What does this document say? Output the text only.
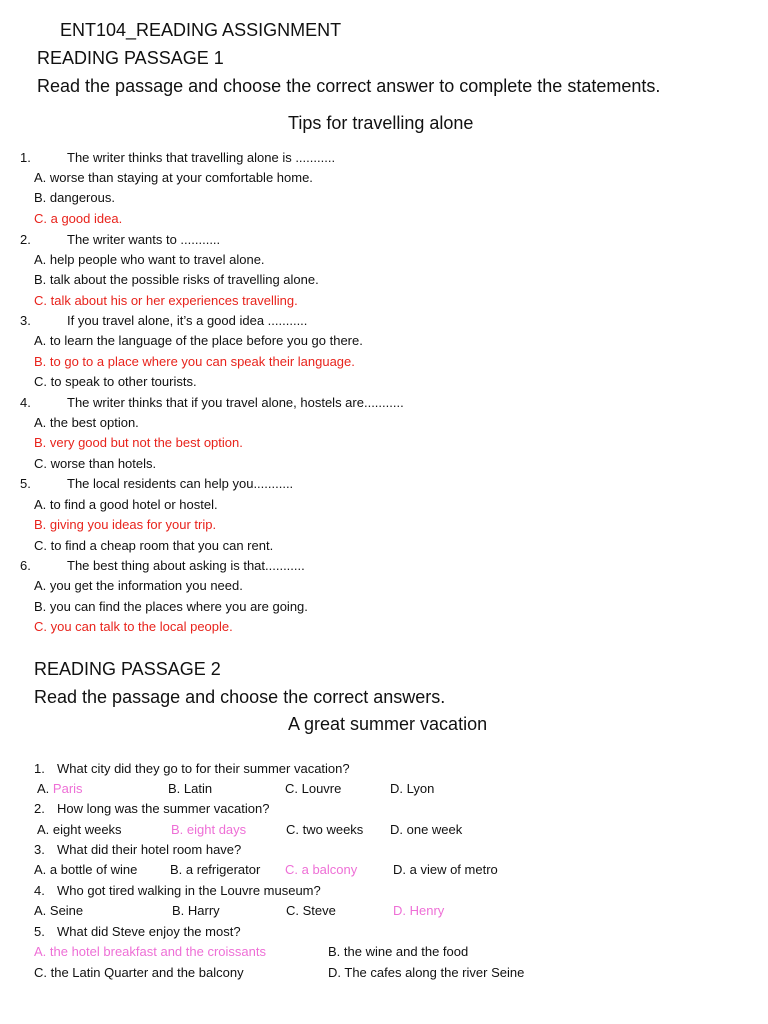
ENT104_READING ASSIGNMENT
READING PASSAGE 1
Read the passage and choose the correct answer to complete the statements.
Tips for travelling alone
1.	The writer thinks that travelling alone is ...........
A. worse than staying at your comfortable home.
B. dangerous.
C. a good idea.
2.	The writer wants to ...........
A. help people who want to travel alone.
B. talk about the possible risks of travelling alone.
C. talk about his or her experiences travelling.
3.	If you travel alone, it’s a good idea ...........
A. to learn the language of the place before you go there.
B. to go to a place where you can speak their language.
C. to speak to other tourists.
4.	The writer thinks that if you travel alone, hostels are...........
A. the best option.
B. very good but not the best option.
C. worse than hotels.
5.	The local residents can help you...........
A. to find a good hotel or hostel.
B. giving you ideas for your trip.
C. to find a cheap room that you can rent.
6.	The best thing about asking is that...........
A. you get the information you need.
B. you can find the places where you are going.
C. you can talk to the local people.
READING PASSAGE 2
Read the passage and choose the correct answers.
A great summer vacation
1. What city did they go to for their summer vacation?
A. Paris	B. Latin	C. Louvre	D. Lyon
2. How long was the summer vacation?
A. eight weeks	B. eight days	C. two weeks D. one week
3. What did their hotel room have?
A. a bottle of wine	B. a refrigerator C. a balcony	D. a view of metro
4. Who got tired walking in the Louvre museum?
A. Seine	B. Harry	C. Steve	D. Henry
5. What did Steve enjoy the most?
A. the hotel breakfast and the croissants	B. the wine and the food
C. the Latin Quarter and the balcony	D. The cafes along the river Seine
